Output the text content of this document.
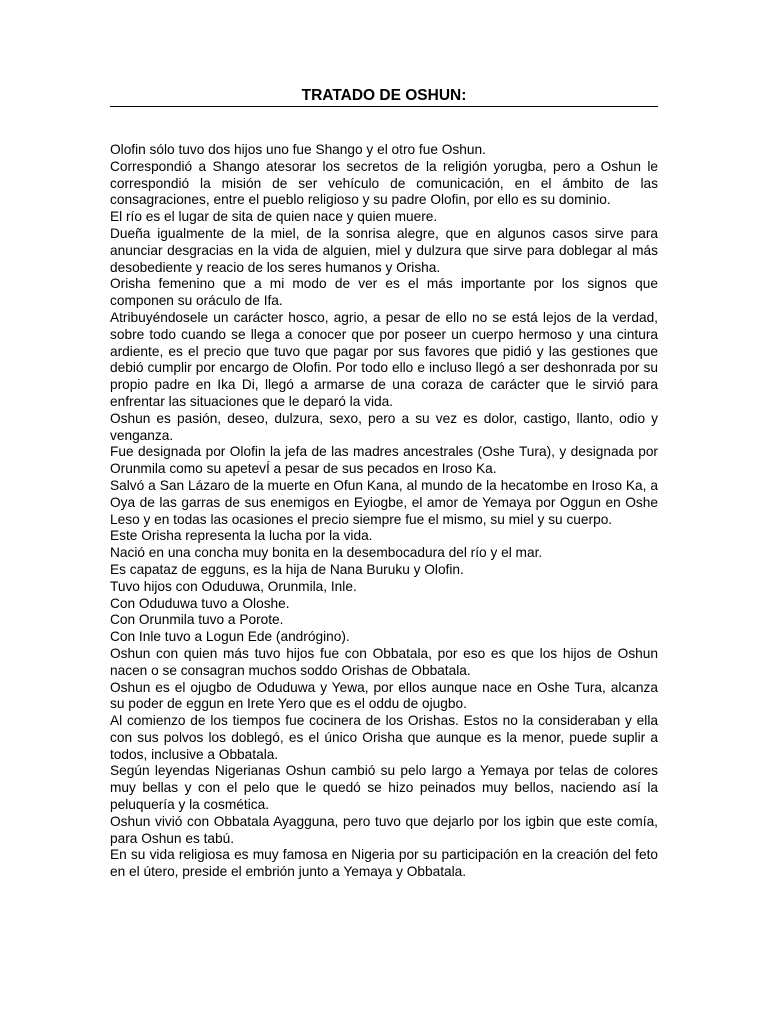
TRATADO DE OSHUN:

Olofin sólo tuvo dos hijos uno fue Shango y el otro fue Oshun.

Correspondió a Shango atesorar los secretos de la religión yorugba, pero a Oshun le correspondió la misión de ser vehículo de comunicación, en el ámbito de las consagraciones, entre el pueblo religioso y su padre Olofin, por ello es su dominio.

El río es el lugar de sita de quien nace y quien muere.

Dueña igualmente de la miel, de la sonrisa alegre, que en algunos casos sirve para anunciar desgracias en la vida de alguien, miel y dulzura que sirve para doblegar al más desobediente y reacio de los seres humanos y Orisha.

Orisha femenino que a mi modo de ver es el más importante por los signos que componen su oráculo de Ifa.

Atribuyéndosele un carácter hosco, agrio, a pesar de ello no se está lejos de la verdad, sobre todo cuando se llega a conocer que por poseer un cuerpo hermoso y una cintura ardiente, es el precio que tuvo que pagar por sus favores que pidió y las gestiones que debió cumplir por encargo de Olofin. Por todo ello e incluso llegó a ser deshonrada por su propio padre en Ika Di, llegó a armarse de una coraza de carácter que le sirvió para enfrentar las situaciones que le deparó la vida.

Oshun es pasión, deseo, dulzura, sexo, pero a su vez es dolor, castigo, llanto, odio y venganza.

Fue designada por Olofin la jefa de las madres ancestrales (Oshe Tura), y designada por Orunmila como su apetevÍ a pesar de sus pecados en Iroso Ka.

Salvó a San Lázaro de la muerte en Ofun Kana, al mundo de la hecatombe en Iroso Ka, a Oya de las garras de sus enemigos en Eyiogbe, el amor de Yemaya por Oggun en Oshe Leso y en todas las ocasiones el precio siempre fue el mismo, su miel y su cuerpo.

Este Orisha representa la lucha por la vida.

Nació en una concha muy bonita en la desembocadura del río y el mar.

Es capataz de egguns, es la hija de Nana Buruku y Olofin.

Tuvo hijos con Oduduwa, Orunmila, Inle.

Con Oduduwa tuvo a Oloshe.

Con Orunmila tuvo a Porote.

Con Inle tuvo a Logun Ede (andrógino).

Oshun con quien más tuvo hijos fue con Obbatala, por eso es que los hijos de Oshun nacen o se consagran muchos soddo Orishas de Obbatala.

Oshun es el ojugbo de Oduduwa y Yewa, por ellos aunque nace en Oshe Tura, alcanza su poder de eggun en Irete Yero que es el oddu de ojugbo.

Al comienzo de los tiempos fue cocinera de los Orishas. Estos no la consideraban y ella con sus polvos los doblegó, es el único Orisha que aunque es la menor, puede suplir a todos, inclusive a Obbatala.

Según leyendas Nigerianas Oshun cambió su pelo largo a Yemaya por telas de colores muy bellas y con el pelo que le quedó se hizo peinados muy bellos, naciendo así la peluquería y la cosmética.

Oshun vivió con Obbatala Ayagguna, pero tuvo que dejarlo por los igbin que este comía, para Oshun es tabú.

En su vida religiosa es muy famosa en Nigeria por su participación en la creación del feto en el útero, preside el embrión junto a Yemaya y Obbatala.
